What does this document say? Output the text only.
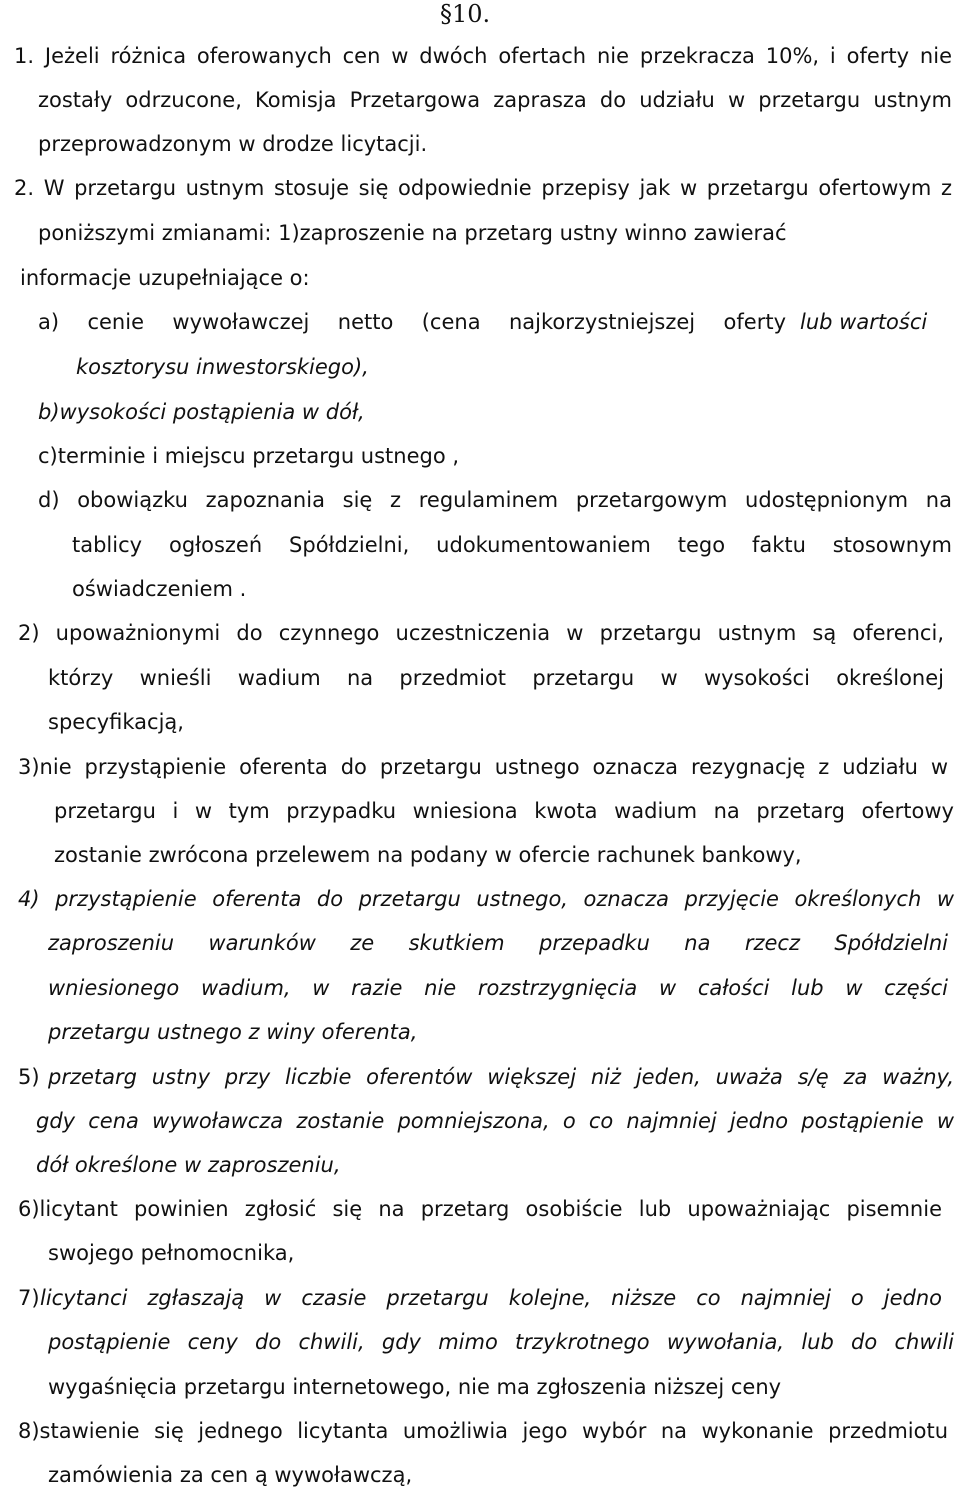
§10.
1. Jeżeli różnica oferowanych cen w dwóch ofertach nie przekracza 10%, i oferty nie
zostały odrzucone, Komisja Przetargowa zaprasza do udziału w przetargu ustnym
przeprowadzonym w drodze licytacji.
2. W przetargu ustnym stosuje się odpowiednie przepisy jak w przetargu ofertowym z
poniższymi zmianami: 1)zaproszenie na przetarg ustny winno zawierać
informacje uzupełniające o:
a) cenie wywoławczej netto (cena najkorzystniejszej oferty lub wartości
kosztorysu inwestorskiego),
b)wysokości postąpienia w dół,
c)terminie i miejscu przetargu ustnego ,
d) obowiązku zapoznania się z regulaminem przetargowym udostępnionym na
tablicy ogłoszeń Spółdzielni, udokumentowaniem tego faktu stosownym
oświadczeniem .
2) upoważnionymi do czynnego uczestniczenia w przetargu ustnym są oferenci,
którzy wnieśli wadium na przedmiot przetargu w wysokości określonej
specyfikacją,
3)nie przystąpienie oferenta do przetargu ustnego oznacza rezygnację z udziału w
przetargu i w tym przypadku wniesiona kwota wadium na przetarg ofertowy
zostanie zwrócona przelewem na podany w ofercie rachunek bankowy,
4) przystąpienie oferenta do przetargu ustnego, oznacza przyjęcie określonych w
zaproszeniu warunków ze skutkiem przepadku na rzecz Spółdzielni
wniesionego wadium, w razie nie rozstrzygnięcia w całości lub w części
przetargu ustnego z winy oferenta,
5) przetarg ustny przy liczbie oferentów większej niż jeden, uważa s/ę za ważny,
gdy cena wywoławcza zostanie pomniejszona, o co najmniej jedno postąpienie w
dół określone w zaproszeniu,
6)licytant powinien zgłosić się na przetarg osobiście lub upoważniając pisemnie
swojego pełnomocnika,
7) licytanci zgłaszają w czasie przetargu kolejne, niższe co najmniej o jedno
postąpienie ceny do chwili, gdy mimo trzykrotnego wywołania, lub do chwili
wygaśnięcia przetargu internetowego, nie ma zgłoszenia niższej ceny
8)stawienie się jednego licytanta umożliwia jego wybór na wykonanie przedmiotu
zamówienia za cen ą wywoławczą,
